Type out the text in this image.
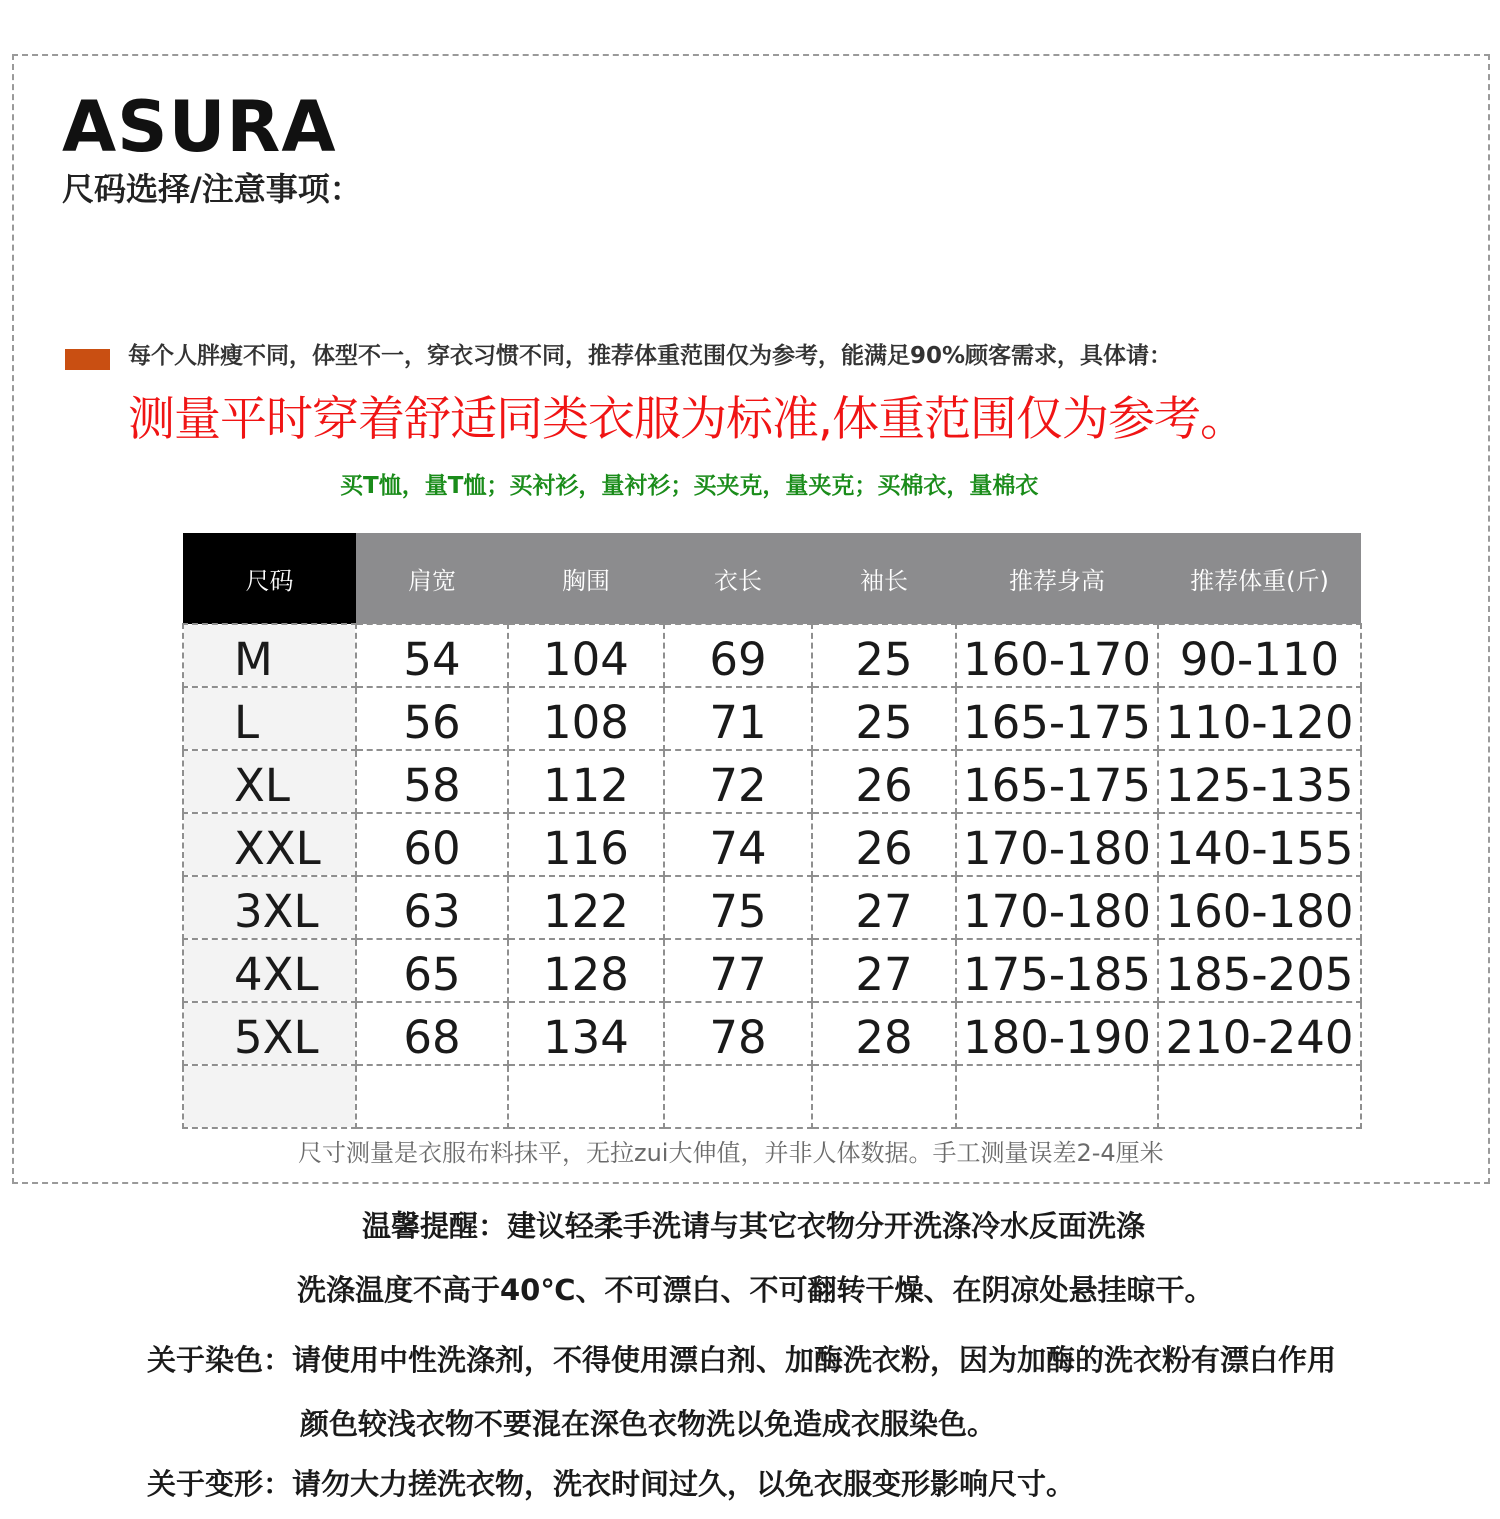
ASURA
尺码选择/注意事项：
每个人胖瘦不同，体型不一，穿衣习惯不同，推荐体重范围仅为参考，能满足90%顾客需求，具体请：
测量平时穿着舒适同类衣服为标准,体重范围仅为参考。
买T恤，量T恤；买衬衫，量衬衫；买夹克，量夹克；买棉衣，量棉衣
尺码	肩宽	胸围	衣长	袖长	推荐身高	推荐体重(斤)
M	54	104	69	25	160-170	90-110
L	56	108	71	25	165-175	110-120
XL	58	112	72	26	165-175	125-135
XXL	60	116	74	26	170-180	140-155
3XL	63	122	75	27	170-180	160-180
4XL	65	128	77	27	175-185	185-205
5XL	68	134	78	28	180-190	210-240

尺寸测量是衣服布料抹平，无拉zui大伸值，并非人体数据。手工测量误差2-4厘米
温馨提醒：建议轻柔手洗请与其它衣物分开洗涤冷水反面洗涤
洗涤温度不高于40℃、不可漂白、不可翻转干燥、在阴凉处悬挂晾干。
关于染色：请使用中性洗涤剂，不得使用漂白剂、加酶洗衣粉，因为加酶的洗衣粉有漂白作用
颜色较浅衣物不要混在深色衣物洗以免造成衣服染色。
关于变形：请勿大力搓洗衣物，洗衣时间过久，以免衣服变形影响尺寸。
